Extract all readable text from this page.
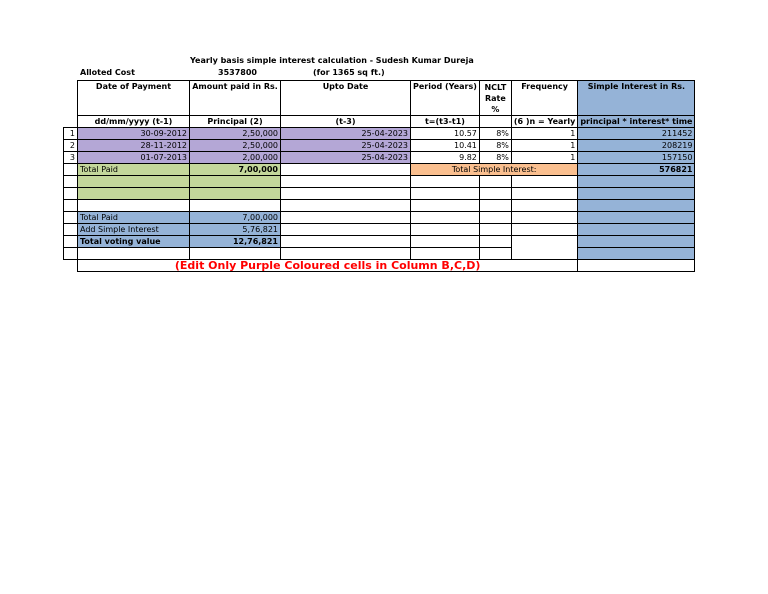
Yearly basis simple interest calculation - Sudesh Kumar Dureja
Alloted Cost	3537800	(for 1365 sq ft.)
	Date of Payment	Amount paid in Rs.	Upto Date	Period (Years)	NCLT Rate %	Frequency	Simple Interest in Rs.
	dd/mm/yyyy (t-1)	Principal (2)	(t-3)	t=(t3-t1)		(6 )n = Yearly	principal * interest* time
1	30-09-2012	2,50,000	25-04-2023	10.57	8%	1	211452
2	28-11-2012	2,50,000	25-04-2023	10.41	8%	1	208219
3	01-07-2013	2,00,000	25-04-2023	9.82	8%	1	157150
	Total Paid	7,00,000		Total Simple Interest:			576821

	Total Paid	7,00,000					
	Add Simple Interest	5,76,821					
	Total voting value	12,76,821					

	(Edit Only Purple Coloured cells in Column B,C,D)						
